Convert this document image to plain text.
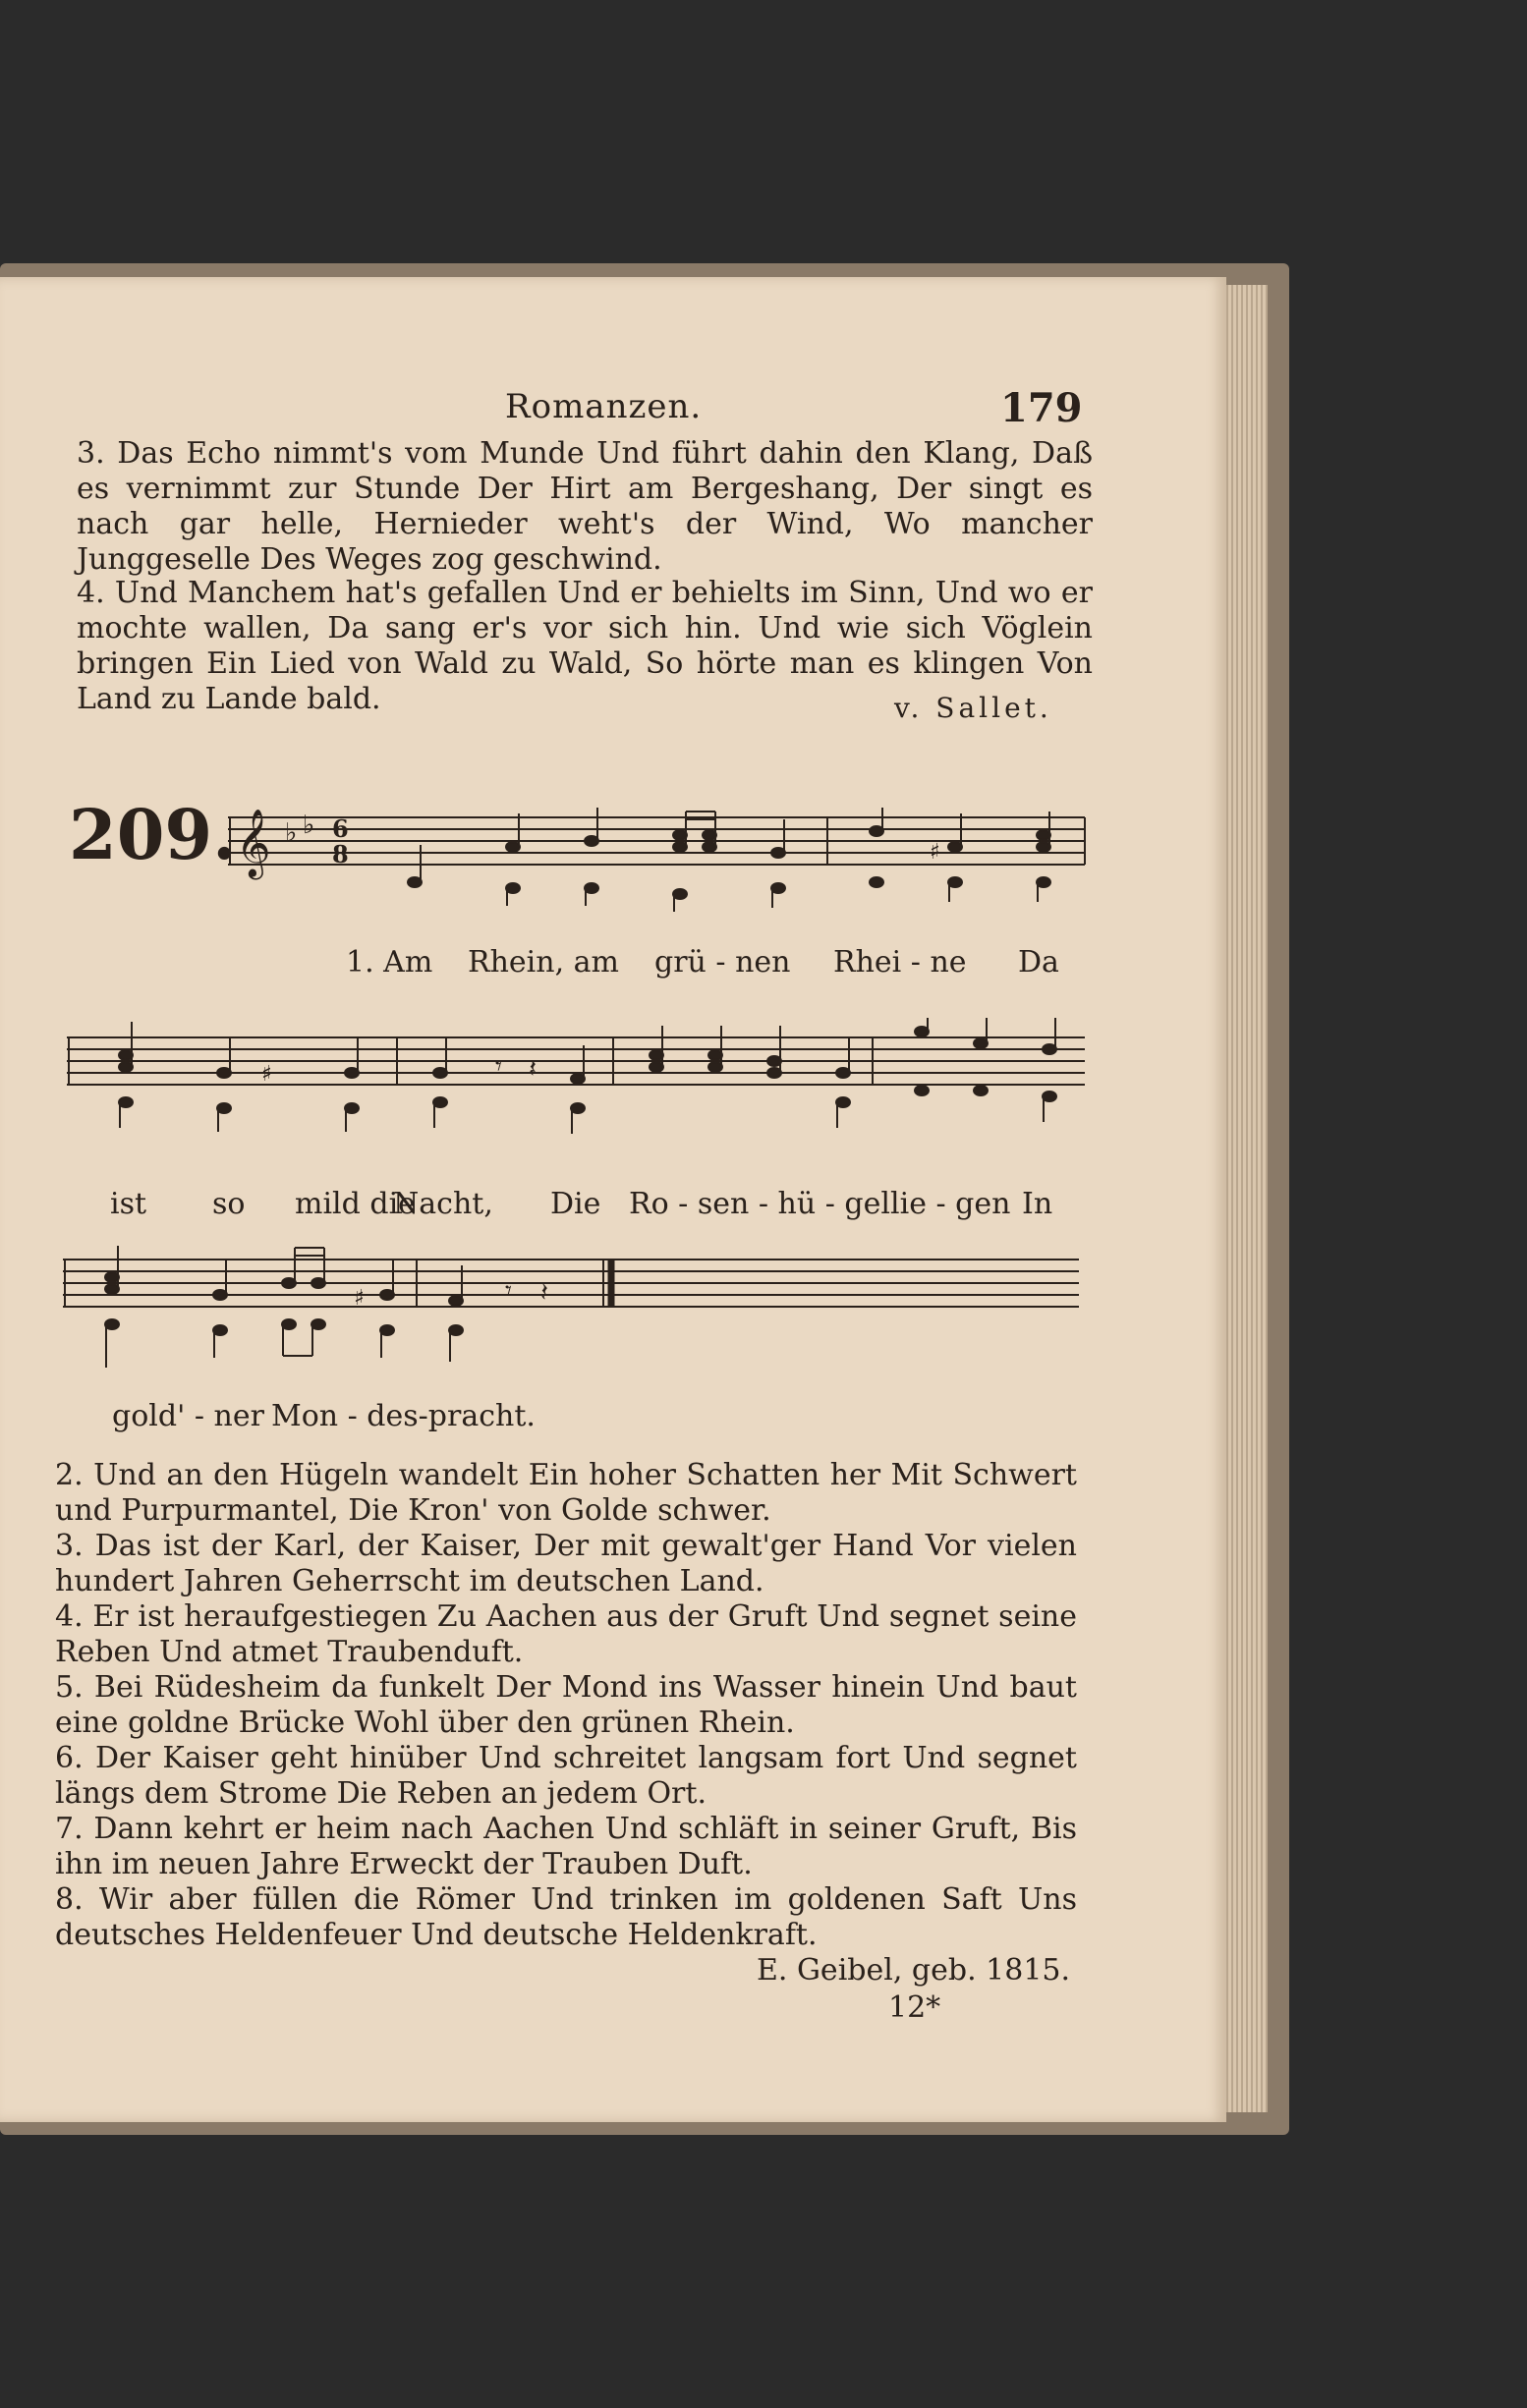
Romanzen.	179
3. Das Echo nimmt's vom Munde Und führt dahin den Klang, Daß es vernimmt zur Stunde Der Hirt am Bergeshang, Der singt es nach gar helle, Hernieder weht's der Wind, Wo mancher Junggeselle Des Weges zog geschwind.
4. Und Manchem hat's gefallen Und er behielts im Sinn, Und wo er mochte wallen, Da sang er's vor sich hin. Und wie sich Vöglein bringen Ein Lied von Wald zu Wald, So hörte man es klingen Von Land zu Lande bald.	v. Sallet.
209. 𝄞 ♭ ♭ 6
8	♯
1. Am Rhein, am grü - nen Rhei - ne Da
♯	𝄾 𝄽
ist so mild die
Nacht, Die Ro - sen - hü - gel lie - gen In
♯	𝄾 𝄽
gold' - ner Mon - des-pracht.
2. Und an den Hügeln wandelt Ein hoher Schatten her Mit Schwert und Purpurmantel, Die Kron' von Golde schwer.
3. Das ist der Karl, der Kaiser, Der mit gewalt'ger Hand Vor vielen hundert Jahren Geherrscht im deutschen Land.
4. Er ist heraufgestiegen Zu Aachen aus der Gruft Und segnet seine Reben Und atmet Traubenduft.
5. Bei Rüdesheim da funkelt Der Mond ins Wasser hinein Und baut eine goldne Brücke Wohl über den grünen Rhein.
6. Der Kaiser geht hinüber Und schreitet langsam fort Und segnet längs dem Strome Die Reben an jedem Ort.
7. Dann kehrt er heim nach Aachen Und schläft in seiner Gruft, Bis ihn im neuen Jahre Erweckt der Trauben Duft.
8. Wir aber füllen die Römer Und trinken im goldenen Saft Uns deutsches Heldenfeuer Und deutsche Heldenkraft.
E. Geibel, geb. 1815.
12*
